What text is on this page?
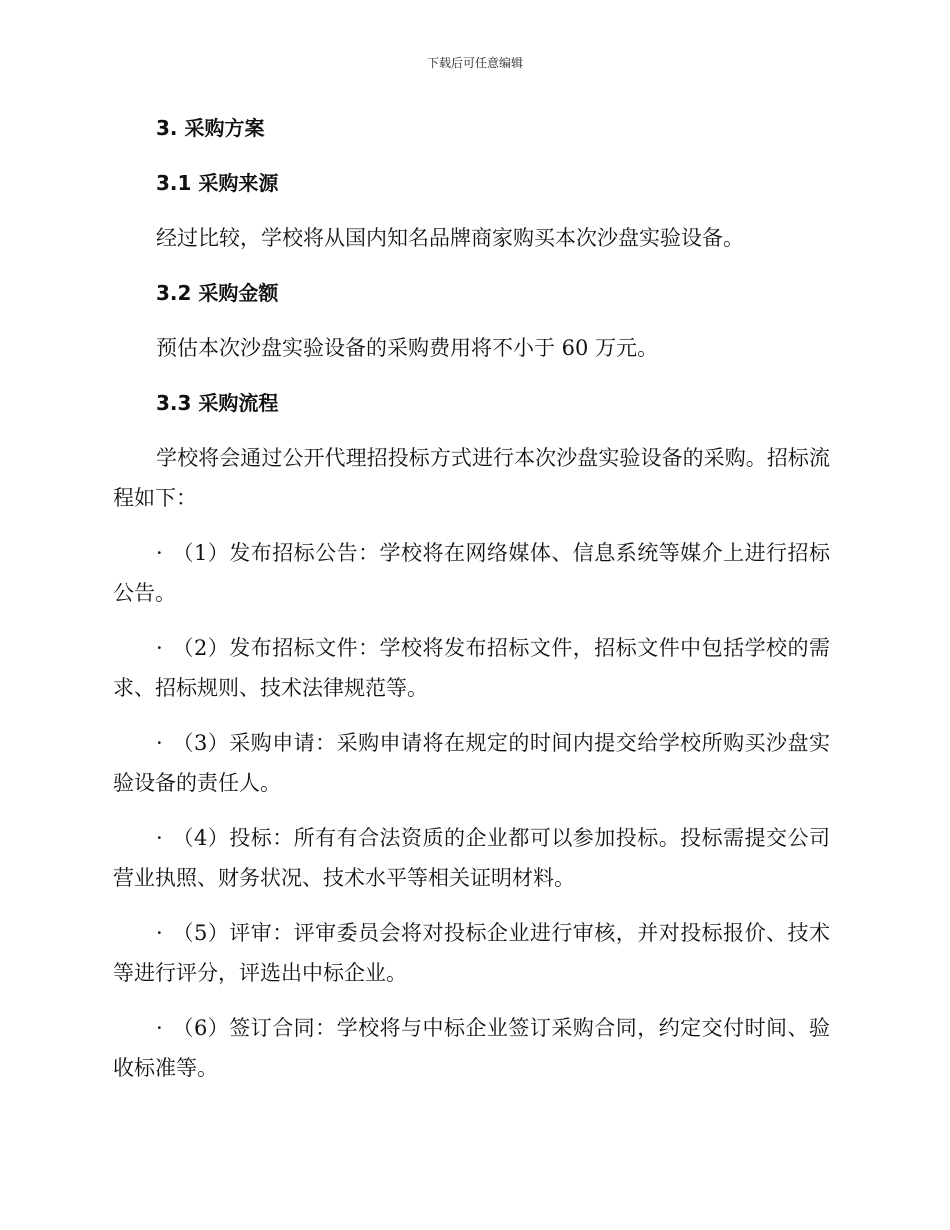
下载后可任意编辑
3. 采购方案
3.1 采购来源
经过比较，学校将从国内知名品牌商家购买本次沙盘实验设备。
3.2 采购金额
预估本次沙盘实验设备的采购费用将不小于 60 万元。
3.3 采购流程
学校将会通过公开代理招投标方式进行本次沙盘实验设备的采购。招标流程如下：
· （1）发布招标公告：学校将在网络媒体、信息系统等媒介上进行招标公告。
· （2）发布招标文件：学校将发布招标文件，招标文件中包括学校的需求、招标规则、技术法律规范等。
· （3）采购申请：采购申请将在规定的时间内提交给学校所购买沙盘实验设备的责任人。
· （4）投标：所有有合法资质的企业都可以参加投标。投标需提交公司营业执照、财务状况、技术水平等相关证明材料。
· （5）评审：评审委员会将对投标企业进行审核，并对投标报价、技术等进行评分，评选出中标企业。
· （6）签订合同：学校将与中标企业签订采购合同，约定交付时间、验收标准等。
